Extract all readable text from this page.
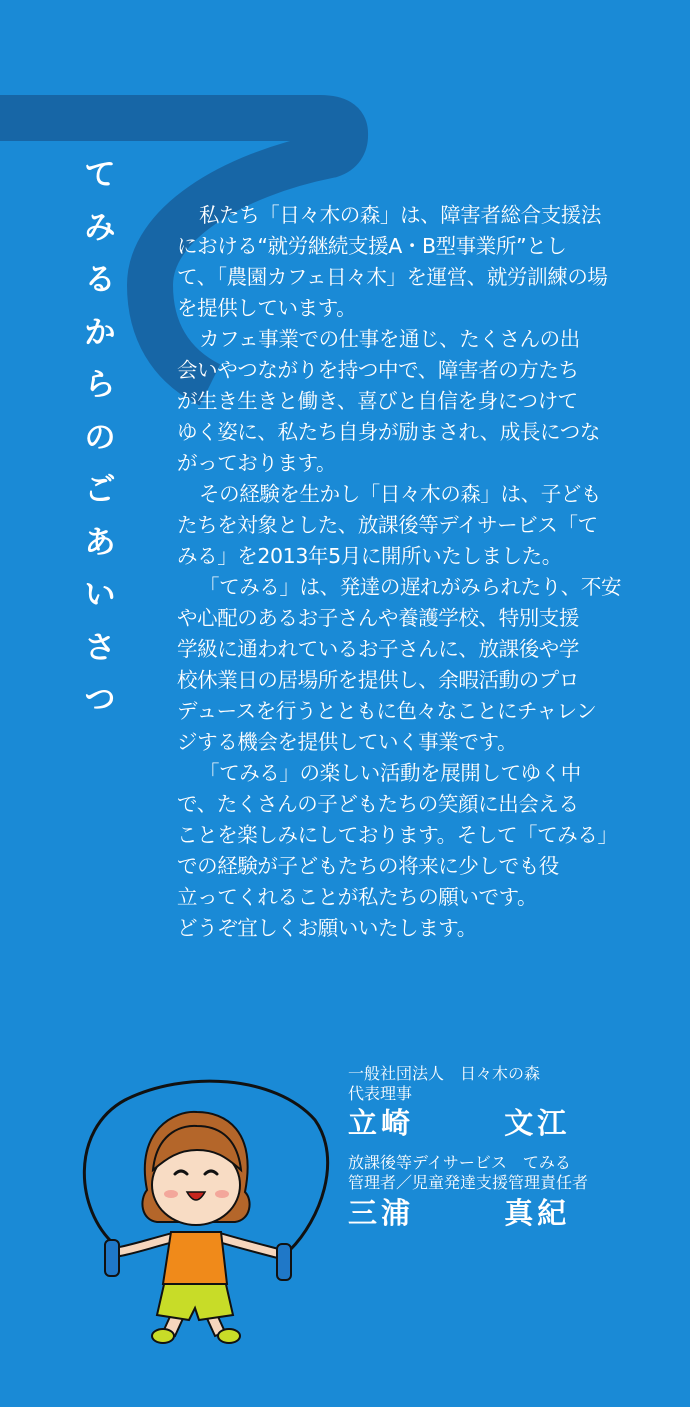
て
み
る
か
ら
の
ご
あ
い
さ
つ
私たち「日々木の森」は、障害者総合支援法
における“就労継続支援A・B型事業所”とし
て、「農園カフェ日々木」を運営、就労訓練の場
を提供しています。
カフェ事業での仕事を通じ、たくさんの出
会いやつながりを持つ中で、障害者の方たち
が生き生きと働き、喜びと自信を身につけて
ゆく姿に、私たち自身が励まされ、成長につな
がっております。
その経験を生かし「日々木の森」は、子ども
たちを対象とした、放課後等デイサービス「て
みる」を2013年5月に開所いたしました。
「てみる」は、発達の遅れがみられたり、不安
や心配のあるお子さんや養護学校、特別支援
学級に通われているお子さんに、放課後や学
校休業日の居場所を提供し、余暇活動のプロ
デュースを行うとともに色々なことにチャレン
ジする機会を提供していく事業です。
「てみる」の楽しい活動を展開してゆく中
で、たくさんの子どもたちの笑顔に出会える
ことを楽しみにしております。そして「てみる」
での経験が子どもたちの将来に少しでも役
立ってくれることが私たちの願いです。
どうぞ宜しくお願いいたします。
一般社団法人　日々木の森
代表理事
立崎	文江
放課後等デイサービス　てみる
管理者／児童発達支援管理責任者
三浦	真紀
